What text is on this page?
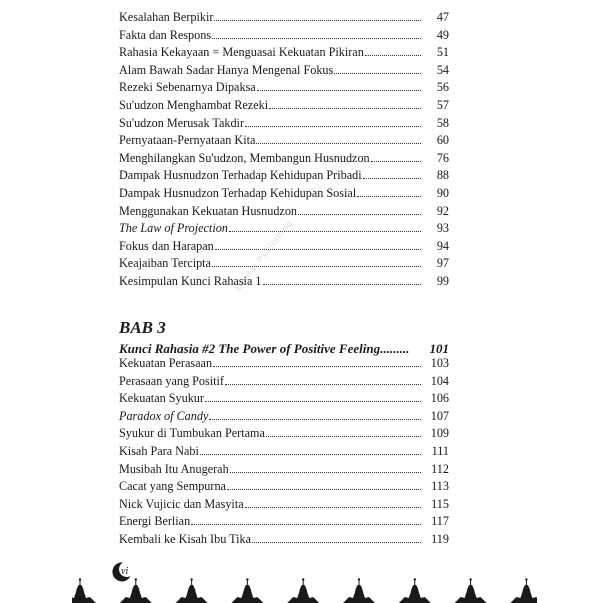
Digital Publishing
Kesalahan Berpikir	47
Fakta dan Respons	49
Rahasia Kekayaan = Menguasai Kekuatan Pikiran	51
Alam Bawah Sadar Hanya Mengenal Fokus	54
Rezeki Sebenarnya Dipaksa	56
Su'udzon Menghambat Rezeki	57
Su'udzon Merusak Takdir	58
Pernyataan-Pernyataan Kita	60
Menghilangkan Su'udzon, Membangun Husnudzon	76
Dampak Husnudzon Terhadap Kehidupan Pribadi	88
Dampak Husnudzon Terhadap Kehidupan Sosial	90
Menggunakan Kekuatan Husnudzon	92
The Law of Projection	93
Fokus dan Harapan	94
Keajaiban Tercipta	97
Kesimpulan Kunci Rahasia 1	99
BAB 3
Kunci Rahasia #2 The Power of Positive Feeling......... 101
Kekuatan Perasaan	103
Perasaan yang Positif	104
Kekuatan Syukur	106
Paradox of Candy	107
Syukur di Tumbukan Pertama	109
Kisah Para Nabi	111
Musibah Itu Anugerah	112
Cacat yang Sempurna	113
Nick Vujicic dan Masyita	115
Energi Berlian	117
Kembali ke Kisah Ibu Tika	119
vi
